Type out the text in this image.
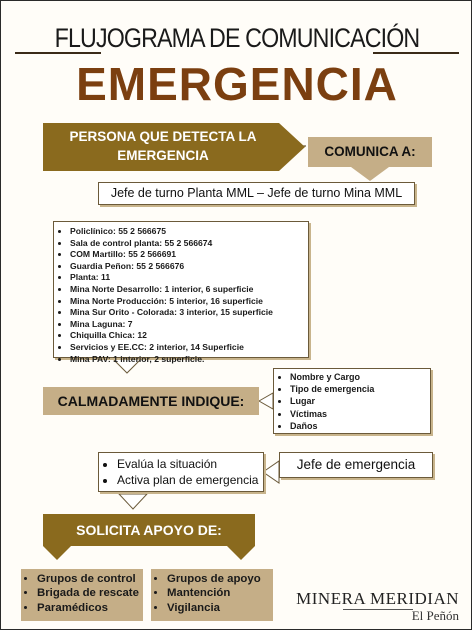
FLUJOGRAMA DE COMUNICACIÓN
EMERGENCIA
PERSONA QUE DETECTA LA EMERGENCIA	COMUNICA A:
Jefe de turno Planta MML – Jefe de turno Mina MML
• Policlínico: 55 2 566675
• Sala de control planta: 55 2 566674
• COM Martillo: 55 2 566691
• Guardia Peñon: 55 2 566676
• Planta: 11
• Mina Norte Desarrollo: 1 interior, 6 superficie
• Mina Norte Producción: 5 interior, 16 superficie
• Mina Sur Orito - Colorada: 3 interior, 15 superficie
• Mina Laguna: 7
• Chiquilla Chica: 12
• Servicios y EE.CC: 2 interior, 14 Superficie
• Mina PAV: 1 interior, 2 superficie.
CALMADAMENTE INDIQUE:
• Nombre y Cargo
• Tipo de emergencia
• Lugar
• Víctimas
• Daños
• Evalúa la situación
• Activa plan de emergencia
Jefe de emergencia
SOLICITA APOYO DE:
• Grupos de control
• Brigada de rescate
• Paramédicos
• Grupos de apoyo
• Mantención
• Vigilancia	MINERA MERIDIAN
El Peñón
